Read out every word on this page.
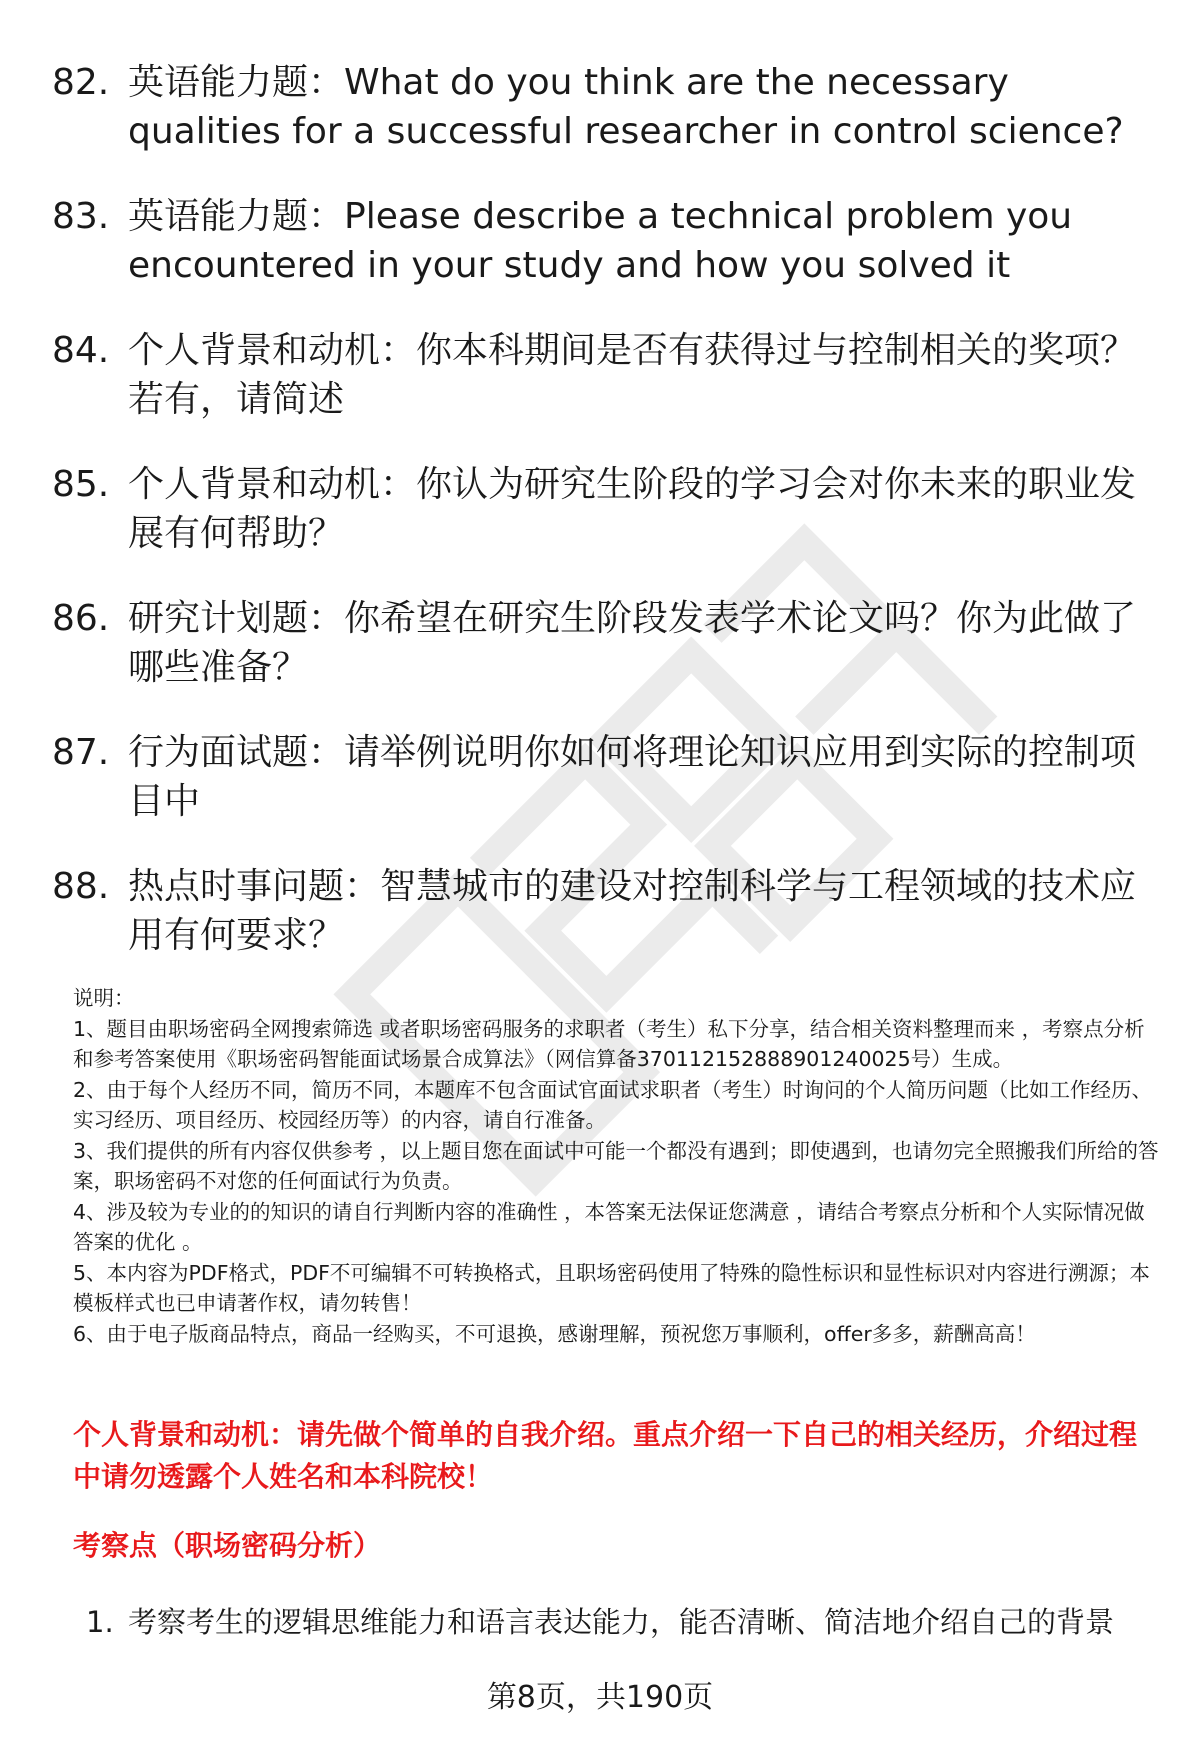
82. 英语能力题：What do you think are the necessary qualities for a successful researcher in control science?
83. 英语能力题：Please describe a technical problem you encountered in your study and how you solved it
84. 个人背景和动机：你本科期间是否有获得过与控制相关的奖项？若有，请简述
85. 个人背景和动机：你认为研究生阶段的学习会对你未来的职业发展有何帮助？
86. 研究计划题：你希望在研究生阶段发表学术论文吗？你为此做了哪些准备？
87. 行为面试题：请举例说明你如何将理论知识应用到实际的控制项目中
88. 热点时事问题：智慧城市的建设对控制科学与工程领域的技术应用有何要求？

说明：

1、题目由职场密码全网搜索筛选 或者职场密码服务的求职者（考生）私下分享，结合相关资料整理而来 ，考察点分析和参考答案使用《职场密码智能面试场景合成算法》（网信算备370112152888901240025号）生成。

2、由于每个人经历不同，简历不同，本题库不包含面试官面试求职者（考生）时询问的个人简历问题（比如工作经历、实习经历、项目经历、校园经历等）的内容，请自行准备。

3、我们提供的所有内容仅供参考 ，以上题目您在面试中可能一个都没有遇到；即使遇到，也请勿完全照搬我们所给的答案，职场密码不对您的任何面试行为负责。

4、涉及较为专业的的知识的请自行判断内容的准确性 ，本答案无法保证您满意 ，请结合考察点分析和个人实际情况做答案的优化 。

5、本内容为PDF格式，PDF不可编辑不可转换格式，且职场密码使用了特殊的隐性标识和显性标识对内容进行溯源；本模板样式也已申请著作权，请勿转售！

6、由于电子版商品特点，商品一经购买，不可退换，感谢理解，预祝您万事顺利，offer多多，薪酬高高！

个人背景和动机：请先做个简单的自我介绍。重点介绍一下自己的相关经历，介绍过程中请勿透露个人姓名和本科院校！
考察点（职场密码分析）
1. 考察考生的逻辑思维能力和语言表达能力，能否清晰、简洁地介绍自己的背景
第8页，共190页
